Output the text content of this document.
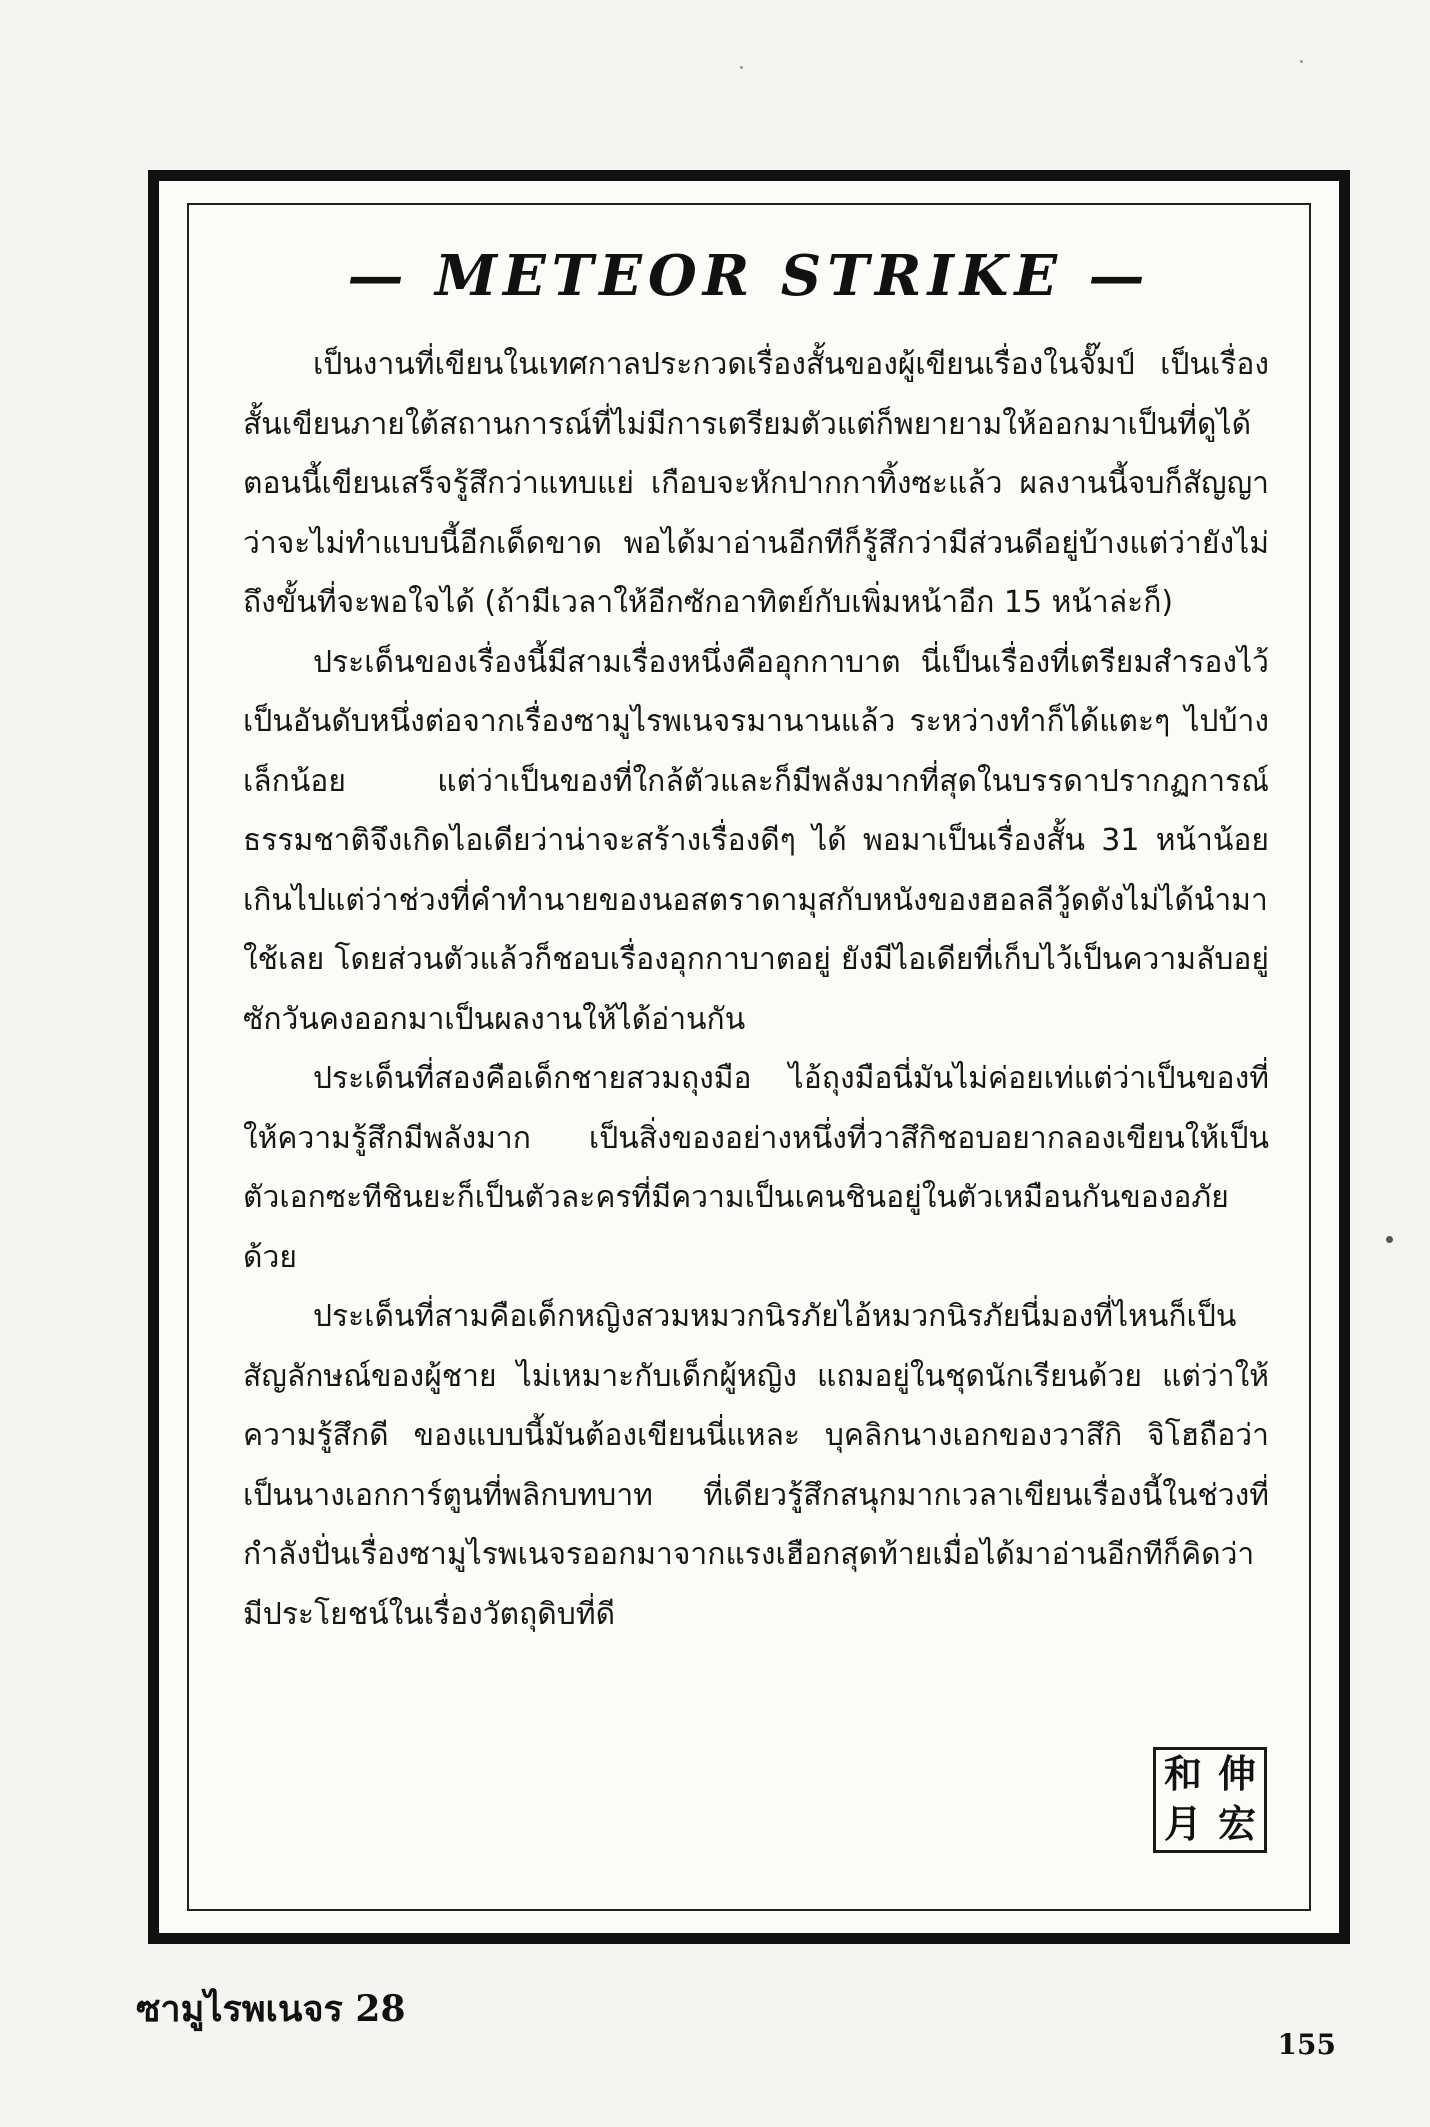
— METEOR STRIKE —

เป็นงานที่เขียนในเทศกาลประกวดเรื่องสั้นของผู้เขียนเรื่องในจั๊มป์ เป็นเรื่องสั้นเขียนภายใต้สถานการณ์ที่ไม่มีการเตรียมตัวแต่ก็พยายามให้ออกมาเป็นที่ดูได้ ตอนนี้เขียนเสร็จรู้สึกว่าแทบแย่ เกือบจะหักปากกาทิ้งซะแล้ว ผลงานนี้จบก็สัญญาว่าจะไม่ทำแบบนี้อีกเด็ดขาด พอได้มาอ่านอีกทีก็รู้สึกว่ามีส่วนดีอยู่บ้างแต่ว่ายังไม่ถึงขั้นที่จะพอใจได้ (ถ้ามีเวลาให้อีกซักอาทิตย์กับเพิ่มหน้าอีก 15 หน้าล่ะก็)

ประเด็นของเรื่องนี้มีสามเรื่องหนึ่งคืออุกกาบาต นี่เป็นเรื่องที่เตรียมสำรองไว้เป็นอันดับหนึ่งต่อจากเรื่องซามูไรพเนจรมานานแล้ว ระหว่างทำก็ได้แตะๆ ไปบ้างเล็กน้อย แต่ว่าเป็นของที่ใกล้ตัวและก็มีพลังมากที่สุดในบรรดาปรากฏการณ์ธรรมชาติจึงเกิดไอเดียว่าน่าจะสร้างเรื่องดีๆ ได้ พอมาเป็นเรื่องสั้น 31 หน้าน้อยเกินไปแต่ว่าช่วงที่คำทำนายของนอสตราดามุสกับหนังของฮอลลีวู้ดดังไม่ได้นำมาใช้เลย โดยส่วนตัวแล้วก็ชอบเรื่องอุกกาบาตอยู่ ยังมีไอเดียที่เก็บไว้เป็นความลับอยู่ซักวันคงออกมาเป็นผลงานให้ได้อ่านกัน

ประเด็นที่สองคือเด็กชายสวมถุงมือ ไอ้ถุงมือนี่มันไม่ค่อยเท่แต่ว่าเป็นของที่ให้ความรู้สึกมีพลังมาก เป็นสิ่งของอย่างหนึ่งที่วาสึกิชอบอยากลองเขียนให้เป็นตัวเอกซะทีชินยะก็เป็นตัวละครที่มีความเป็นเคนชินอยู่ในตัวเหมือนกันของอภัยด้วย

ประเด็นที่สามคือเด็กหญิงสวมหมวกนิรภัยไอ้หมวกนิรภัยนี่มองที่ไหนก็เป็นสัญลักษณ์ของผู้ชาย ไม่เหมาะกับเด็กผู้หญิง แถมอยู่ในชุดนักเรียนด้วย แต่ว่าให้ความรู้สึกดี ของแบบนี้มันต้องเขียนนี่แหละ บุคลิกนางเอกของวาสึกิ จิโฮถือว่าเป็นนางเอกการ์ตูนที่พลิกบทบาท ที่เดียวรู้สึกสนุกมากเวลาเขียนเรื่องนี้ในช่วงที่กำลังปั่นเรื่องซามูไรพเนจรออกมาจากแรงเฮือกสุดท้ายเมื่อได้มาอ่านอีกทีก็คิดว่ามีประโยชน์ในเรื่องวัตถุดิบที่ดี

和 伸
月 宏
ซามูไรพเนจร 28
155
